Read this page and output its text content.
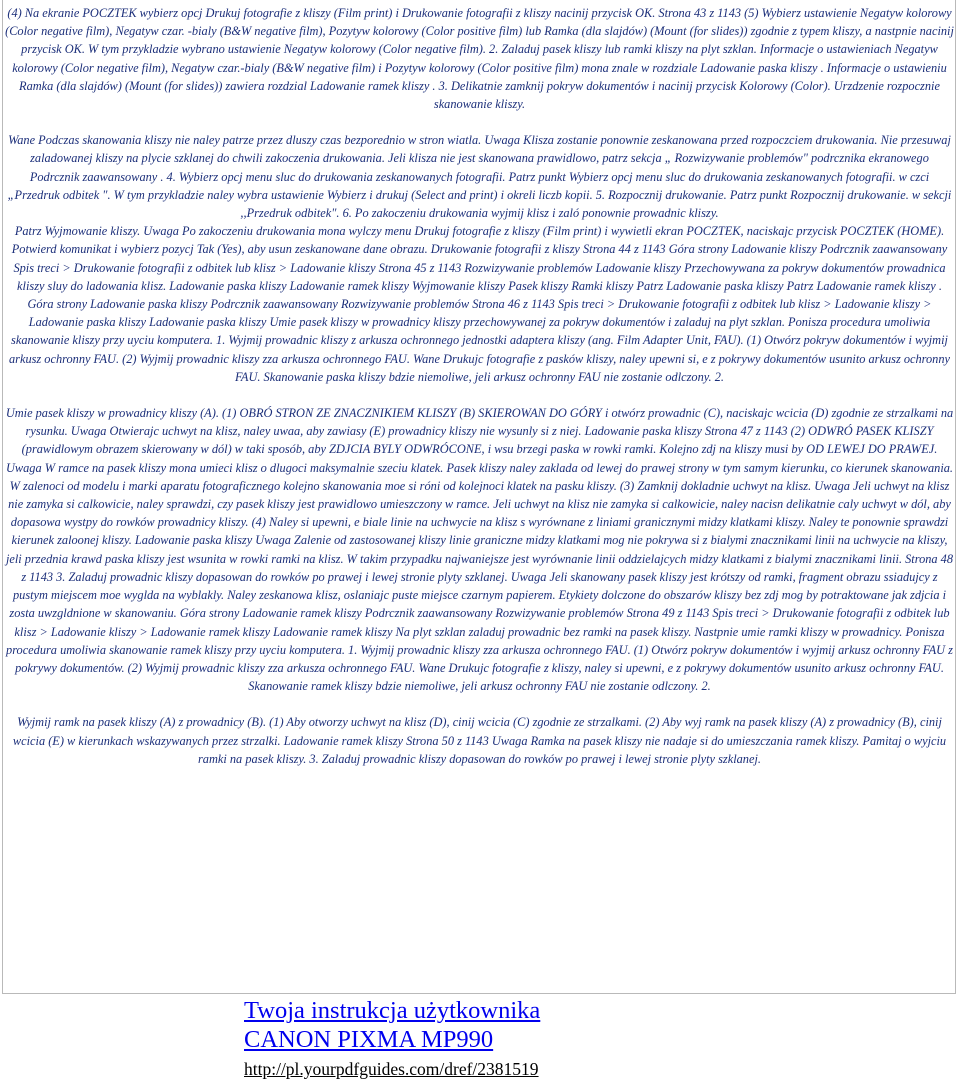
(4) Na ekranie POCZTEK wybierz opcj Drukuj fotografie z kliszy (Film print) i Drukowanie fotografii z kliszy nacinij przycisk OK. Strona 43 z 1143 (5) Wybierz ustawienie Negatyw kolorowy (Color negative film), Negatyw czar. -bialy (B&W negative film), Pozytyw kolorowy (Color positive film) lub Ramka (dla slajdów) (Mount (for slides)) zgodnie z typem kliszy, a nastpnie nacinij przycisk OK. W tym przykladzie wybrano ustawienie Negatyw kolorowy (Color negative film). 2. Zaladuj pasek kliszy lub ramki kliszy na plyt szklan. Informacje o ustawieniach Negatyw kolorowy (Color negative film), Negatyw czar.-bialy (B&W negative film) i Pozytyw kolorowy (Color positive film) mona znale w rozdziale Ladowanie paska kliszy . Informacje o ustawieniu Ramka (dla slajdów) (Mount (for slides)) zawiera rozdzial Ladowanie ramek kliszy . 3. Delikatnie zamknij pokryw dokumentów i nacinij przycisk Kolorowy (Color). Urzdzenie rozpocznie skanowanie kliszy.

Wane Podczas skanowania kliszy nie naley patrze przez dluszy czas bezporednio w stron wiatla. Uwaga Klisza zostanie ponownie zeskanowana przed rozpoczciem drukowania. Nie przesuwaj zaladowanej kliszy na plycie szklanej do chwili zakoczenia drukowania. Jeli klisza nie jest skanowana prawidlowo, patrz sekcja „ Rozwizywanie problemów" podrcznika ekranowego Podrcznik zaawansowany . 4. Wybierz opcj menu sluc do drukowania zeskanowanych fotografii. Patrz punkt Wybierz opcj menu sluc do drukowania zeskanowanych fotografii. w czci „Przedruk odbitek ". W tym przykladzie naley wybra ustawienie Wybierz i drukuj (Select and print) i okreli liczb kopii. 5. Rozpocznij drukowanie. Patrz punkt Rozpocznij drukowanie. w sekcji ,,Przedruk odbitek". 6. Po zakoczeniu drukowania wyjmij klisz i zaló ponownie prowadnic kliszy.

Patrz Wyjmowanie kliszy. Uwaga Po zakoczeniu drukowania mona wylczy menu Drukuj fotografie z kliszy (Film print) i wywietli ekran POCZTEK, naciskajc przycisk POCZTEK (HOME). Potwierd komunikat i wybierz pozycj Tak (Yes), aby usun zeskanowane dane obrazu. Drukowanie fotografii z kliszy Strona 44 z 1143 Góra strony Ladowanie kliszy Podrcznik zaawansowany Spis treci > Drukowanie fotografii z odbitek lub klisz > Ladowanie kliszy Strona 45 z 1143 Rozwizywanie problemów Ladowanie kliszy Przechowywana za pokryw dokumentów prowadnica kliszy sluy do ladowania klisz. Ladowanie paska kliszy Ladowanie ramek kliszy Wyjmowanie kliszy Pasek kliszy Ramki kliszy Patrz Ladowanie paska kliszy Patrz Ladowanie ramek kliszy .

Góra strony Ladowanie paska kliszy Podrcznik zaawansowany Rozwizywanie problemów Strona 46 z 1143 Spis treci > Drukowanie fotografii z odbitek lub klisz > Ladowanie kliszy > Ladowanie paska kliszy Ladowanie paska kliszy Umie pasek kliszy w prowadnicy kliszy przechowywanej za pokryw dokumentów i zaladuj na plyt szklan. Ponisza procedura umoliwia skanowanie kliszy przy uyciu komputera. 1. Wyjmij prowadnic kliszy z arkusza ochronnego jednostki adaptera kliszy (ang. Film Adapter Unit, FAU). (1) Otwórz pokryw dokumentów i wyjmij arkusz ochronny FAU. (2) Wyjmij prowadnic kliszy zza arkusza ochronnego FAU. Wane Drukujc fotografie z pasków kliszy, naley upewni si, e z pokrywy dokumentów usunito arkusz ochronny FAU. Skanowanie paska kliszy bdzie niemoliwe, jeli arkusz ochronny FAU nie zostanie odlczony. 2.

Umie pasek kliszy w prowadnicy kliszy (A). (1) OBRÓ STRON ZE ZNACZNIKIEM KLISZY (B) SKIEROWAN DO GÓRY i otwórz prowadnic (C), naciskajc wcicia (D) zgodnie ze strzalkami na rysunku. Uwaga Otwierajc uchwyt na klisz, naley uwaa, aby zawiasy (E) prowadnicy kliszy nie wysunly si z niej. Ladowanie paska kliszy Strona 47 z 1143 (2) ODWRÓ PASEK KLISZY (prawidlowym obrazem skierowany w dól) w taki sposób, aby ZDJCIA BYLY ODWRÓCONE, i wsu brzegi paska w rowki ramki. Kolejno zdj na kliszy musi by OD LEWEJ DO PRAWEJ. Uwaga W ramce na pasek kliszy mona umieci klisz o dlugoci maksymalnie szeciu klatek. Pasek kliszy naley zaklada od lewej do prawej strony w tym samym kierunku, co kierunek skanowania. W zalenoci od modelu i marki aparatu fotograficznego kolejno skanowania moe si róni od kolejnoci klatek na pasku kliszy. (3) Zamknij dokladnie uchwyt na klisz. Uwaga Jeli uchwyt na klisz nie zamyka si calkowicie, naley sprawdzi, czy pasek kliszy jest prawidlowo umieszczony w ramce. Jeli uchwyt na klisz nie zamyka si calkowicie, naley nacisn delikatnie caly uchwyt w dól, aby dopasowa wystpy do rowków prowadnicy kliszy. (4) Naley si upewni, e biale linie na uchwycie na klisz s wyrównane z liniami granicznymi midzy klatkami kliszy. Naley te ponownie sprawdzi kierunek zaloonej kliszy. Ladowanie paska kliszy Uwaga Zalenie od zastosowanej kliszy linie graniczne midzy klatkami mog nie pokrywa si z bialymi znacznikami linii na uchwycie na kliszy, jeli przednia krawd paska kliszy jest wsunita w rowki ramki na klisz. W takim przypadku najwaniejsze jest wyrównanie linii oddzielajcych midzy klatkami z bialymi znacznikami linii. Strona 48 z 1143 3. Zaladuj prowadnic kliszy dopasowan do rowków po prawej i lewej stronie plyty szklanej. Uwaga Jeli skanowany pasek kliszy jest krótszy od ramki, fragment obrazu ssiadujcy z pustym miejscem moe wyglda na wyblakly. Naley zeskanowa klisz, oslaniajc puste miejsce czarnym papierem. Etykiety dolczone do obszarów kliszy bez zdj mog by potraktowane jak zdjcia i zosta uwzgldnione w skanowaniu. Góra strony Ladowanie ramek kliszy Podrcznik zaawansowany Rozwizywanie problemów Strona 49 z 1143 Spis treci > Drukowanie fotografii z odbitek lub klisz > Ladowanie kliszy > Ladowanie ramek kliszy Ladowanie ramek kliszy Na plyt szklan zaladuj prowadnic bez ramki na pasek kliszy. Nastpnie umie ramki kliszy w prowadnicy. Ponisza procedura umoliwia skanowanie ramek kliszy przy uyciu komputera. 1. Wyjmij prowadnic kliszy zza arkusza ochronnego FAU. (1) Otwórz pokryw dokumentów i wyjmij arkusz ochronny FAU z pokrywy dokumentów. (2) Wyjmij prowadnic kliszy zza arkusza ochronnego FAU. Wane Drukujc fotografie z kliszy, naley si upewni, e z pokrywy dokumentów usunito arkusz ochronny FAU. Skanowanie ramek kliszy bdzie niemoliwe, jeli arkusz ochronny FAU nie zostanie odlczony. 2.

Wyjmij ramk na pasek kliszy (A) z prowadnicy (B). (1) Aby otworzy uchwyt na klisz (D), cinij wcicia (C) zgodnie ze strzalkami. (2) Aby wyj ramk na pasek kliszy (A) z prowadnicy (B), cinij wcicia (E) w kierunkach wskazywanych przez strzalki. Ladowanie ramek kliszy Strona 50 z 1143 Uwaga Ramka na pasek kliszy nie nadaje si do umieszczania ramek kliszy. Pamitaj o wyjciu ramki na pasek kliszy. 3. Zaladuj prowadnic kliszy dopasowan do rowków po prawej i lewej stronie plyty szklanej.

Twoja instrukcja użytkownika
CANON PIXMA MP990
http://pl.yourpdfguides.com/dref/2381519
